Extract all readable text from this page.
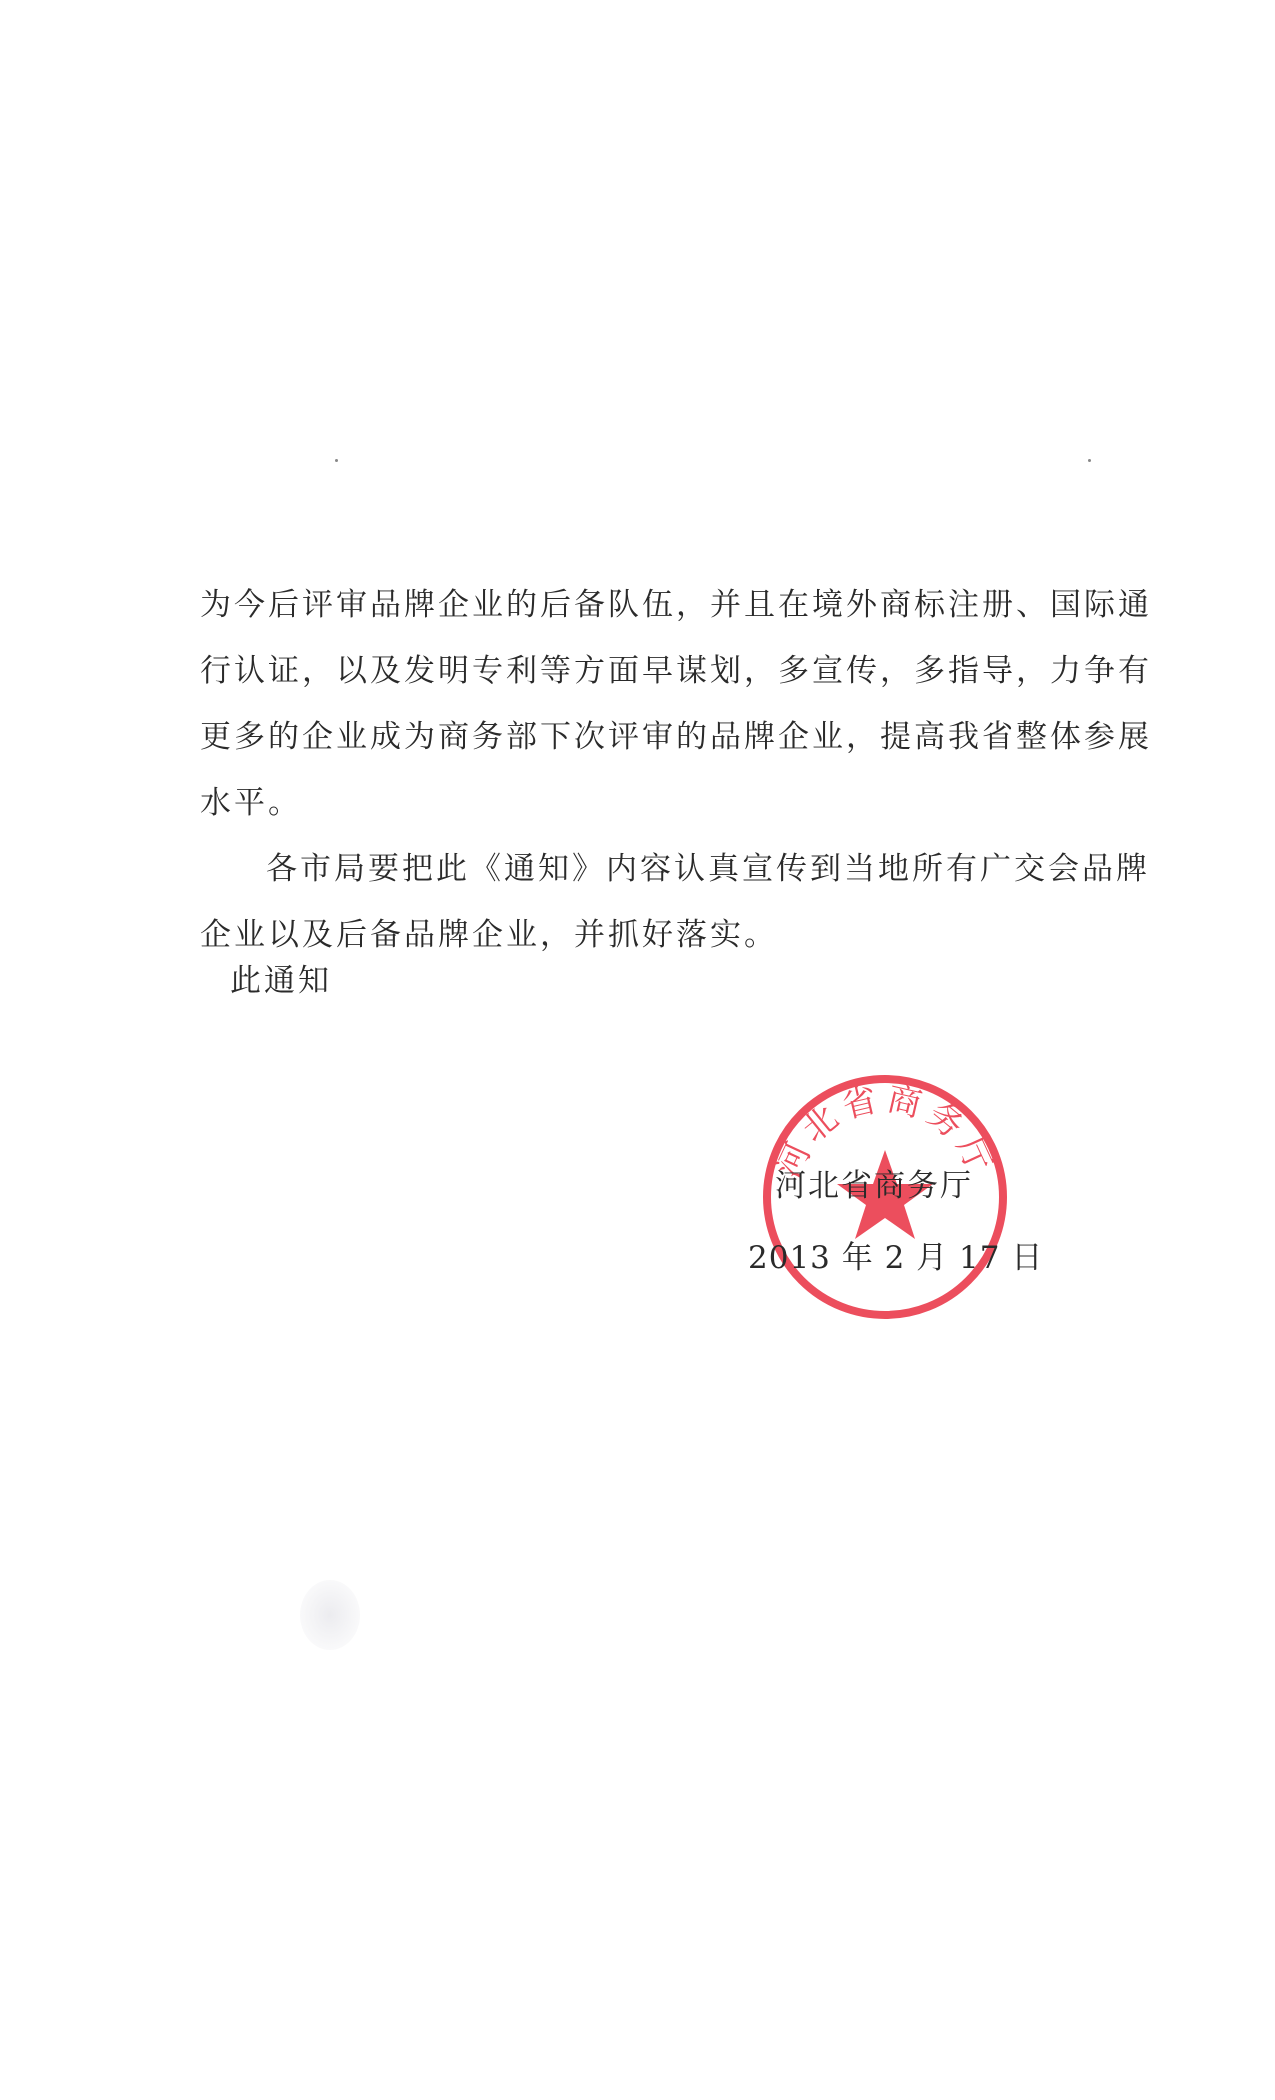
为今后评审品牌企业的后备队伍，并且在境外商标注册、国际通
行认证，以及发明专利等方面早谋划，多宣传，多指导，力争有
更多的企业成为商务部下次评审的品牌企业，提高我省整体参展
水平。
各市局要把此《通知》内容认真宣传到当地所有广交会品牌
企业以及后备品牌企业，并抓好落实。
此通知
河北省商务厅
河北省商务厅
2013 年 2 月 17 日
